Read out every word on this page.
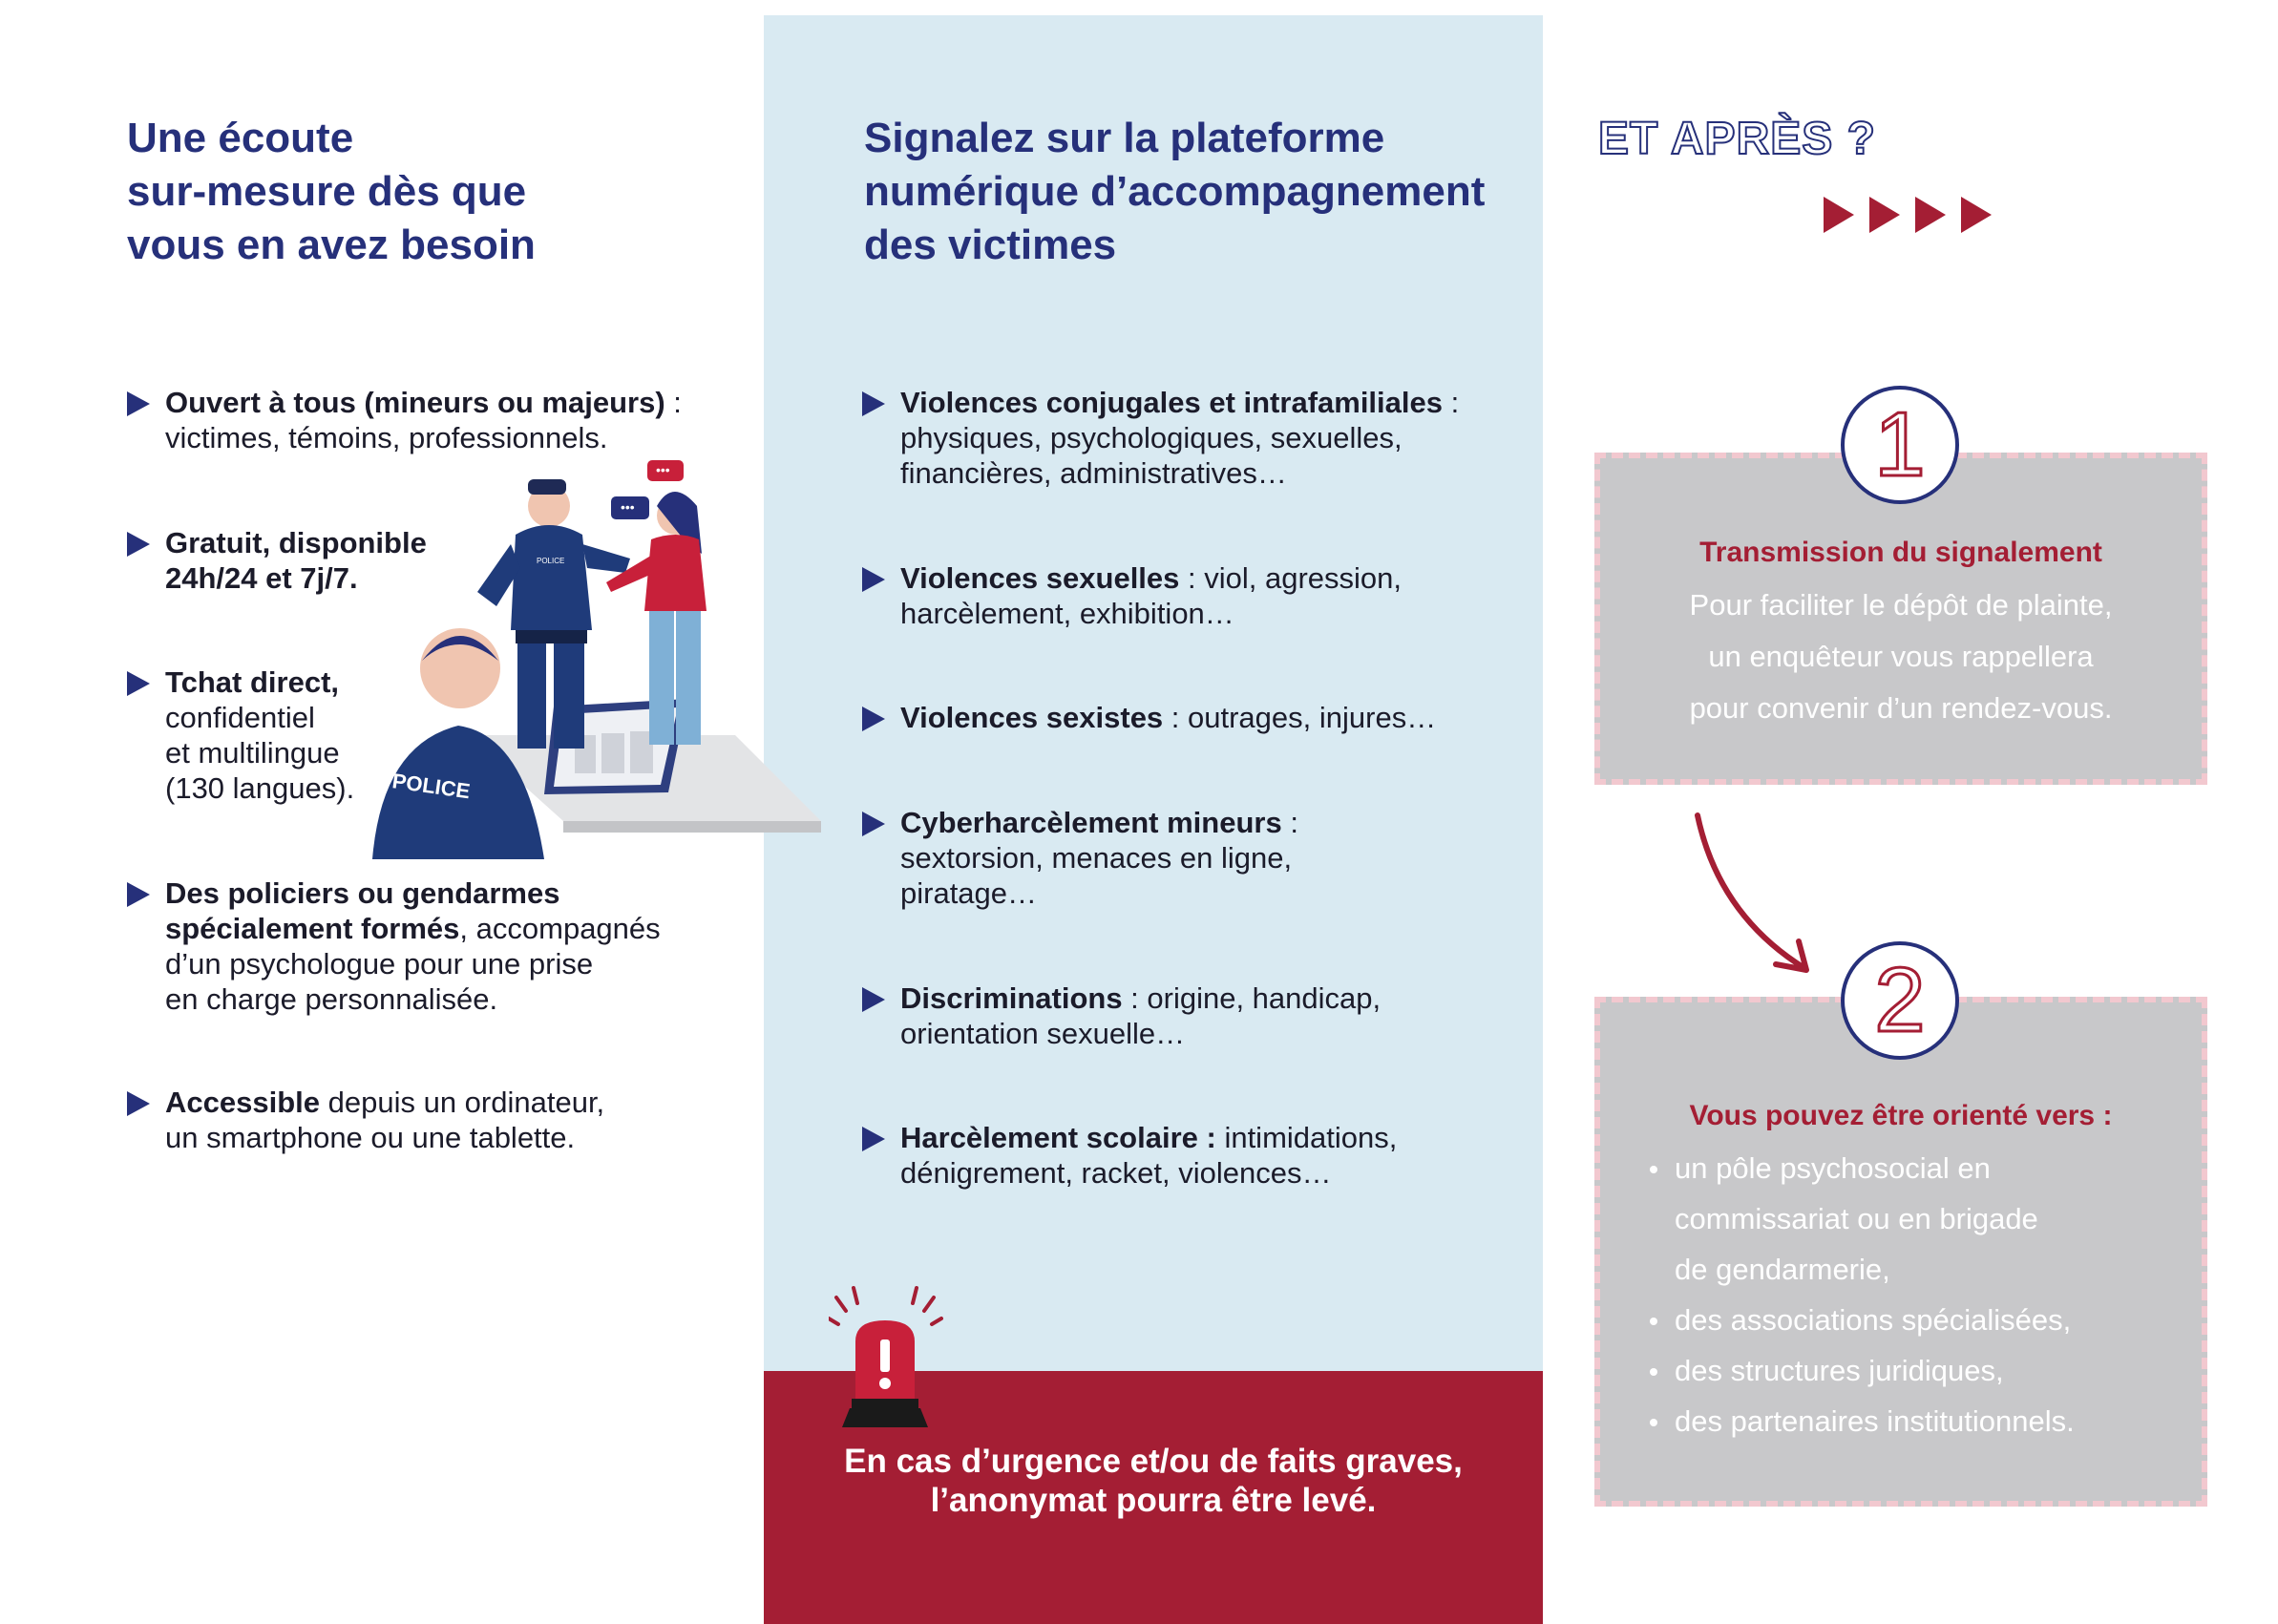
Une écoute
sur-mesure dès que
vous en avez besoin
Ouvert à tous (mineurs ou majeurs) :
victimes, témoins, professionnels.
Gratuit, disponible
24h/24 et 7j/7.
Tchat direct,
confidentiel
et multilingue
(130 langues).
Des policiers ou gendarmes
spécialement formés, accompagnés
d’un psychologue pour une prise
en charge personnalisée.
Accessible depuis un ordinateur,
un smartphone ou une tablette.
POLICE
•••
•••
POLICE
Signalez sur la plateforme
numérique d’accompagnement
des victimes
Violences conjugales et intrafamiliales :
physiques, psychologiques, sexuelles,
financières, administratives…
Violences sexuelles : viol, agression,
harcèlement, exhibition…
Violences sexistes : outrages, injures…
Cyberharcèlement mineurs :
sextorsion, menaces en ligne,
piratage…
Discriminations : origine, handicap,
orientation sexuelle…
Harcèlement scolaire : intimidations,
dénigrement, racket, violences…
En cas d’urgence et/ou de faits graves,
l’anonymat pourra être levé.
ET APRÈS ?
1
Transmission du signalement
Pour faciliter le dépôt de plainte,
un enquêteur vous rappellera
pour convenir d’un rendez-vous.
2
Vous pouvez être orienté vers :
un pôle psychosocial en
commissariat ou en brigade
de gendarmerie,
des associations spécialisées,
des structures juridiques,
des partenaires institutionnels.
